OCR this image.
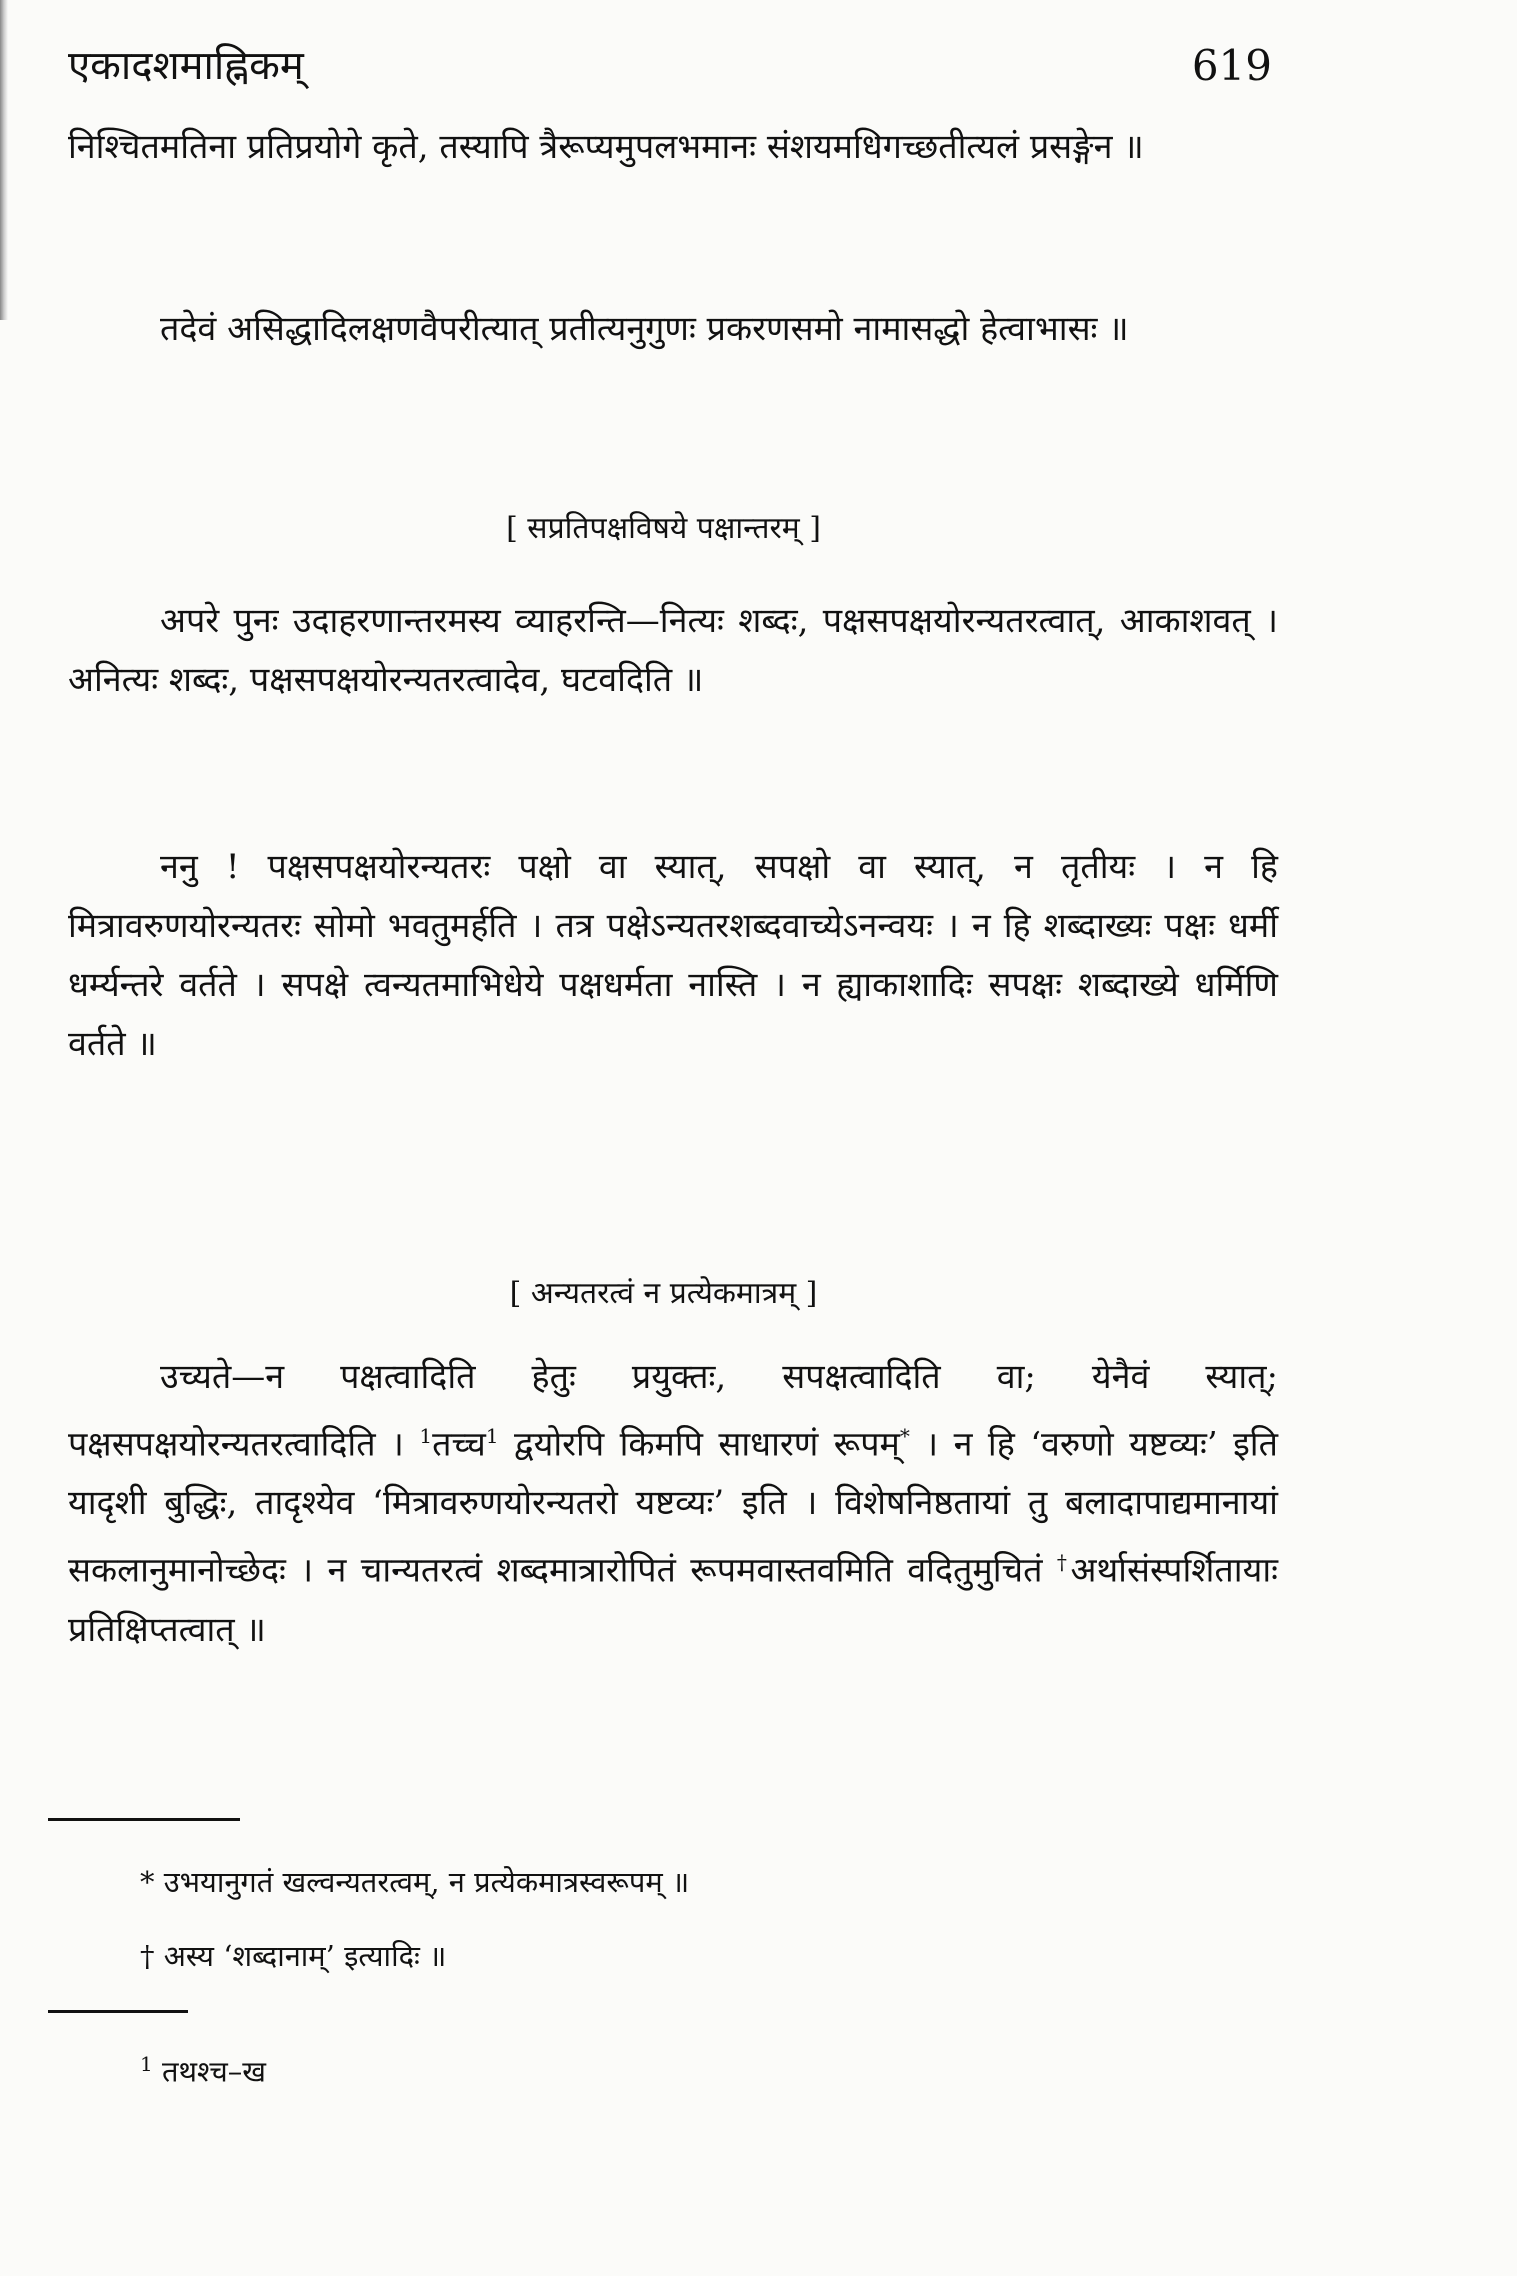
एकादशमाह्निकम्	619

निश्चितमतिना प्रतिप्रयोगे कृते, तस्यापि त्रैरूप्यमुपलभमानः संशयमधिगच्छतीत्यलं प्रसङ्गेन ॥

तदेवं असिद्धादिलक्षणवैपरीत्यात् प्रतीत्यनुगुणः प्रकरणसमो नामासद्धो हेत्वाभासः ॥

[ सप्रतिपक्षविषये पक्षान्तरम् ]

अपरे पुनः उदाहरणान्तरमस्य व्याहरन्ति—नित्यः शब्दः, पक्षसपक्षयोरन्यतरत्वात्, आकाशवत् । अनित्यः शब्दः, पक्षसपक्षयोरन्यतरत्वादेव, घटवदिति ॥

ननु ! पक्षसपक्षयोरन्यतरः पक्षो वा स्यात्, सपक्षो वा स्यात्, न तृतीयः । न हि मित्रावरुणयोरन्यतरः सोमो भवतुमर्हति । तत्र पक्षेऽन्यतरशब्दवाच्येऽनन्वयः । न हि शब्दाख्यः पक्षः धर्मी धर्म्यन्तरे वर्तते । सपक्षे त्वन्यतमाभिधेये पक्षधर्मता नास्ति । न ह्याकाशादिः सपक्षः शब्दाख्ये धर्मिणि वर्तते ॥

[ अन्यतरत्वं न प्रत्येकमात्रम् ]

उच्यते—न पक्षत्वादिति हेतुः प्रयुक्तः, सपक्षत्वादिति वा; येनैवं स्यात्; पक्षसपक्षयोरन्यतरत्वादिति । $^1$तच्च$^1$ द्वयोरपि किमपि साधारणं रूपम्* । न हि ‘वरुणो यष्टव्यः’ इति यादृशी बुद्धिः, तादृश्येव ‘मित्रावरुणयोरन्यतरो यष्टव्यः’ इति । विशेषनिष्ठतायां तु बलादापाद्यमानायां सकलानुमानोच्छेदः । न चान्यतरत्वं शब्दमात्रारोपितं रूपमवास्तवमिति वदितुमुचितं †अर्थासंस्पर्शितायाः प्रतिक्षिप्तत्वात् ॥

* उभयानुगतं खल्वन्यतरत्वम्, न प्रत्येकमात्रस्वरूपम् ॥
† अस्य ‘शब्दानाम्’ इत्यादिः ॥
$^1$ तथश्च–ख
